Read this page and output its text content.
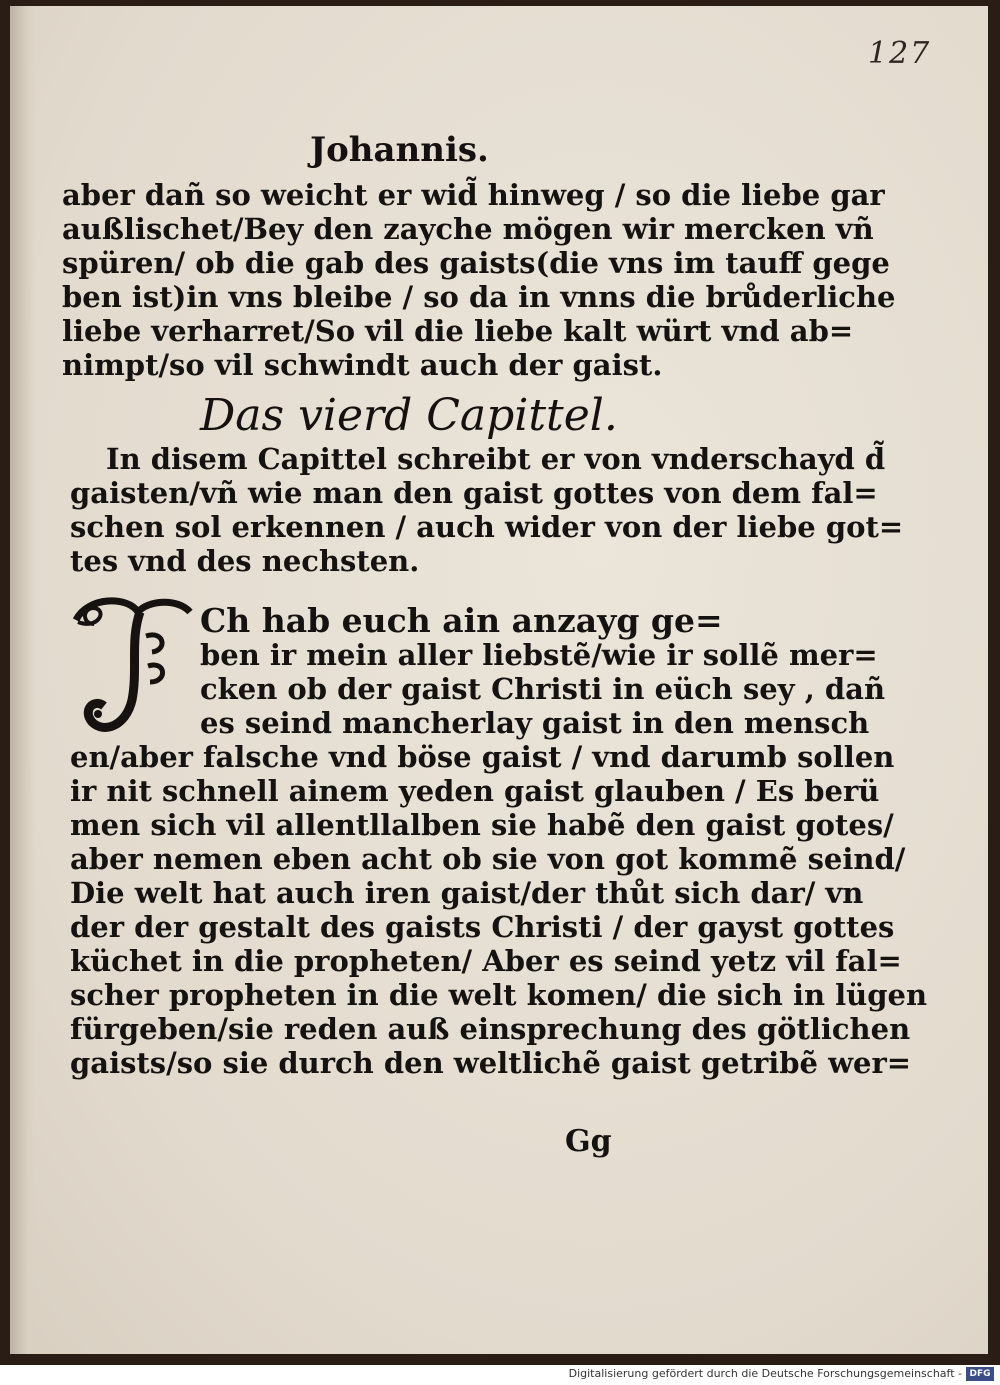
127
Johannis.
aber dañ so weicht er wid̃ hinweg / so die liebe gar
außlischet/Bey den zayche mögen wir mercken vñ
spüren/ ob die gab des gaists(die vns im tauff gege
ben ist)in vns bleibe / so da in vnns die brůderliche
liebe verharret/So vil die liebe kalt würt vnd ab=
nimpt/so vil schwindt auch der gaist.
Das vierd Capittel.
In disem Capittel schreibt er von vnderschayd d̃
gaisten/vñ wie man den gaist gottes von dem fal=
schen sol erkennen / auch wider von der liebe got=
tes vnd des nechsten.
Ch hab euch ain anzayg ge=
ben ir mein aller liebstẽ/wie ir sollẽ mer=
cken ob der gaist Christi in eüch sey , dañ
es seind mancherlay gaist in den mensch
en/aber falsche vnd böse gaist / vnd darumb sollen
ir nit schnell ainem yeden gaist glauben / Es berü
men sich vil allentllalben sie habẽ den gaist gotes/
aber nemen eben acht ob sie von got kommẽ seind/
Die welt hat auch iren gaist/der thůt sich dar/ vn
der der gestalt des gaists Christi / der gayst gottes
küchet in die propheten/ Aber es seind yetz vil fal=
scher propheten in die welt komen/ die sich in lügen
fürgeben/sie reden auß einsprechung des götlichen
gaists/so sie durch den weltlichẽ gaist getribẽ wer=
Gg
Digitalisierung gefördert durch die Deutsche Forschungsgemeinschaft - DFG
